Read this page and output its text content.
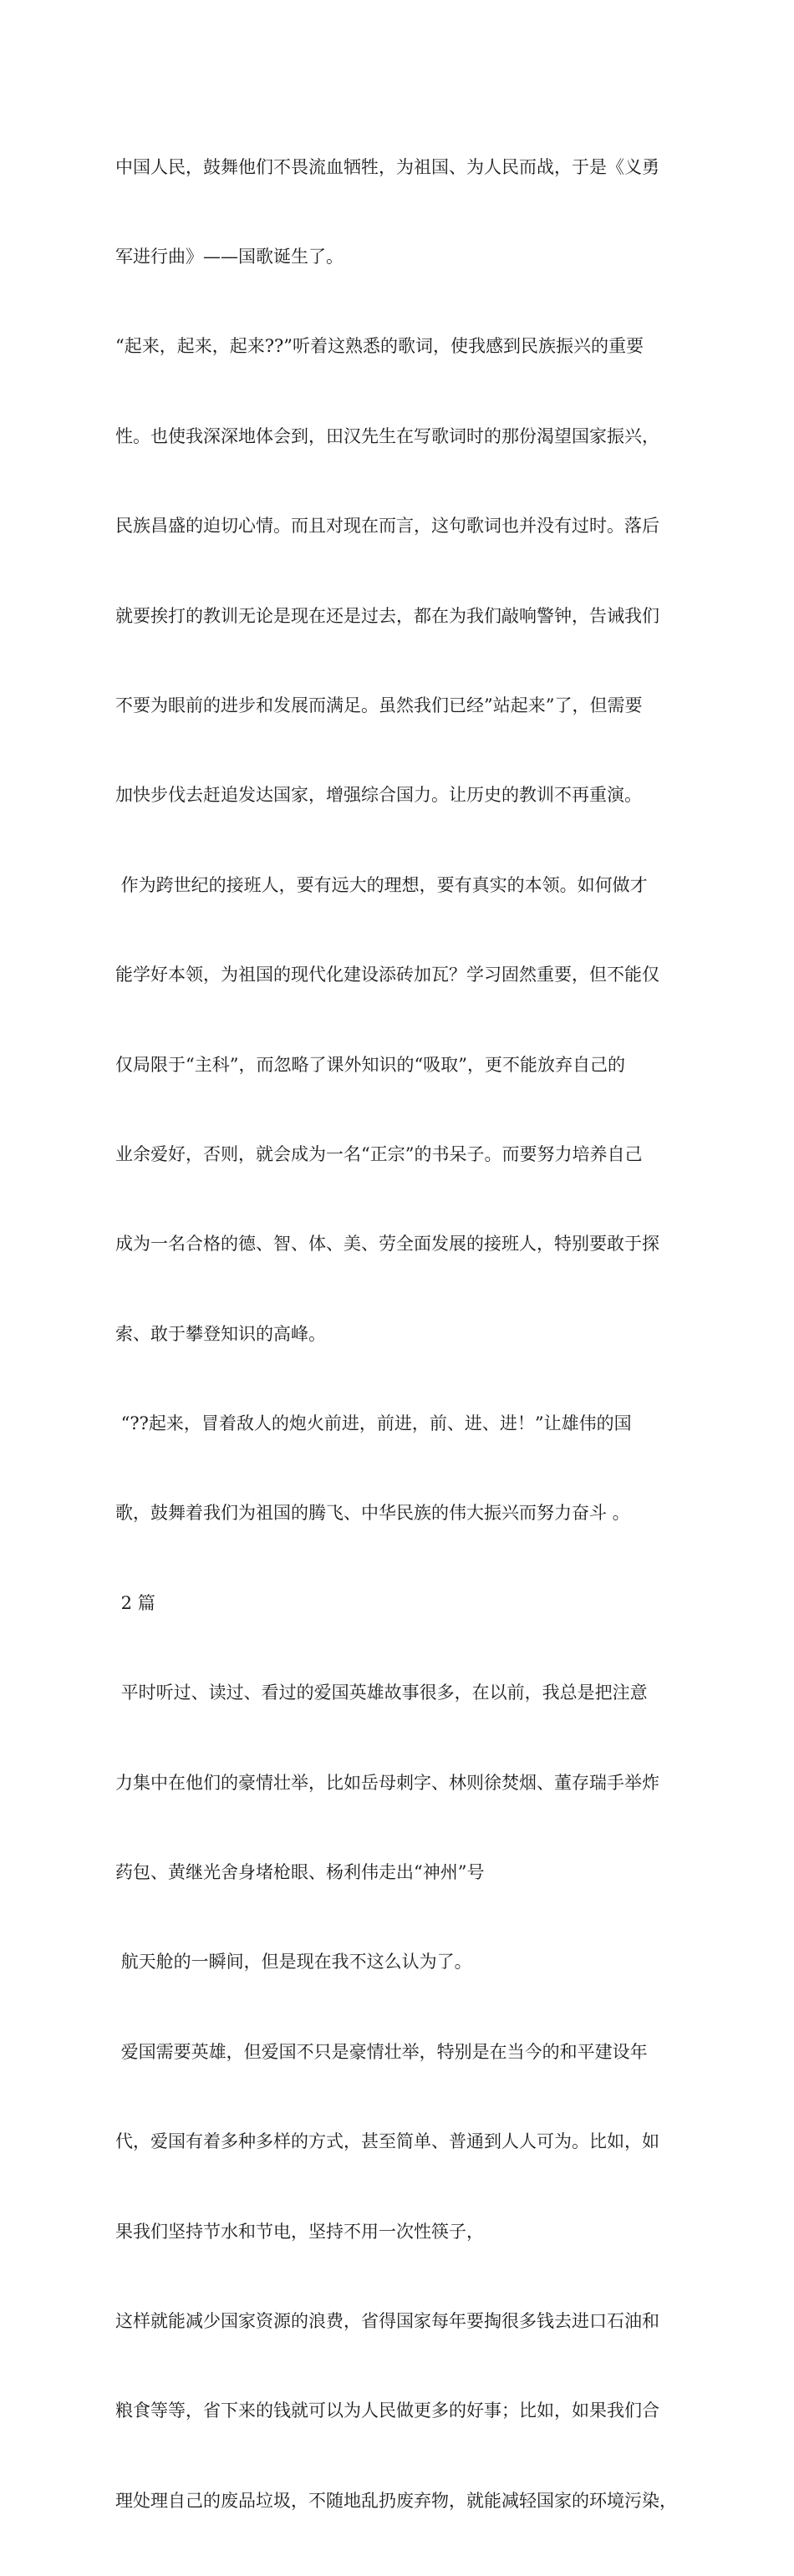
中国人民，鼓舞他们不畏流血牺牲，为祖国、为人民而战，于是《义勇

军进行曲》——国歌诞生了。

“起来，起来，起来??”听着这熟悉的歌词，使我感到民族振兴的重要

性。也使我深深地体会到，田汉先生在写歌词时的那份渴望国家振兴，

民族昌盛的迫切心情。而且对现在而言，这句歌词也并没有过时。落后

就要挨打的教训无论是现在还是过去，都在为我们敲响警钟，告诫我们

不要为眼前的进步和发展而满足。虽然我们已经”站起来”了，但需要

加快步伐去赶追发达国家，增强综合国力。让历史的教训不再重演。

作为跨世纪的接班人，要有远大的理想，要有真实的本领。如何做才

能学好本领，为祖国的现代化建设添砖加瓦？学习固然重要，但不能仅

仅局限于“主科”，而忽略了课外知识的“吸取”，更不能放弃自己的

业余爱好，否则，就会成为一名“正宗”的书呆子。而要努力培养自己

成为一名合格的德、智、体、美、劳全面发展的接班人，特别要敢于探

索、敢于攀登知识的高峰。

“??起来，冒着敌人的炮火前进，前进，前、进、进！”让雄伟的国

歌，鼓舞着我们为祖国的腾飞、中华民族的伟大振兴而努力奋斗 。

2 篇

平时听过、读过、看过的爱国英雄故事很多，在以前，我总是把注意

力集中在他们的豪情壮举，比如岳母刺字、林则徐焚烟、董存瑞手举炸

药包、黄继光舍身堵枪眼、杨利伟走出“神州”号

航天舱的一瞬间，但是现在我不这么认为了。

爱国需要英雄，但爱国不只是豪情壮举，特别是在当今的和平建设年

代，爱国有着多种多样的方式，甚至简单、普通到人人可为。比如，如

果我们坚持节水和节电，坚持不用一次性筷子，

这样就能减少国家资源的浪费，省得国家每年要掏很多钱去进口石油和

粮食等等，省下来的钱就可以为人民做更多的好事；比如，如果我们合

理处理自己的废品垃圾，不随地乱扔废弃物，就能减轻国家的环境污染，
